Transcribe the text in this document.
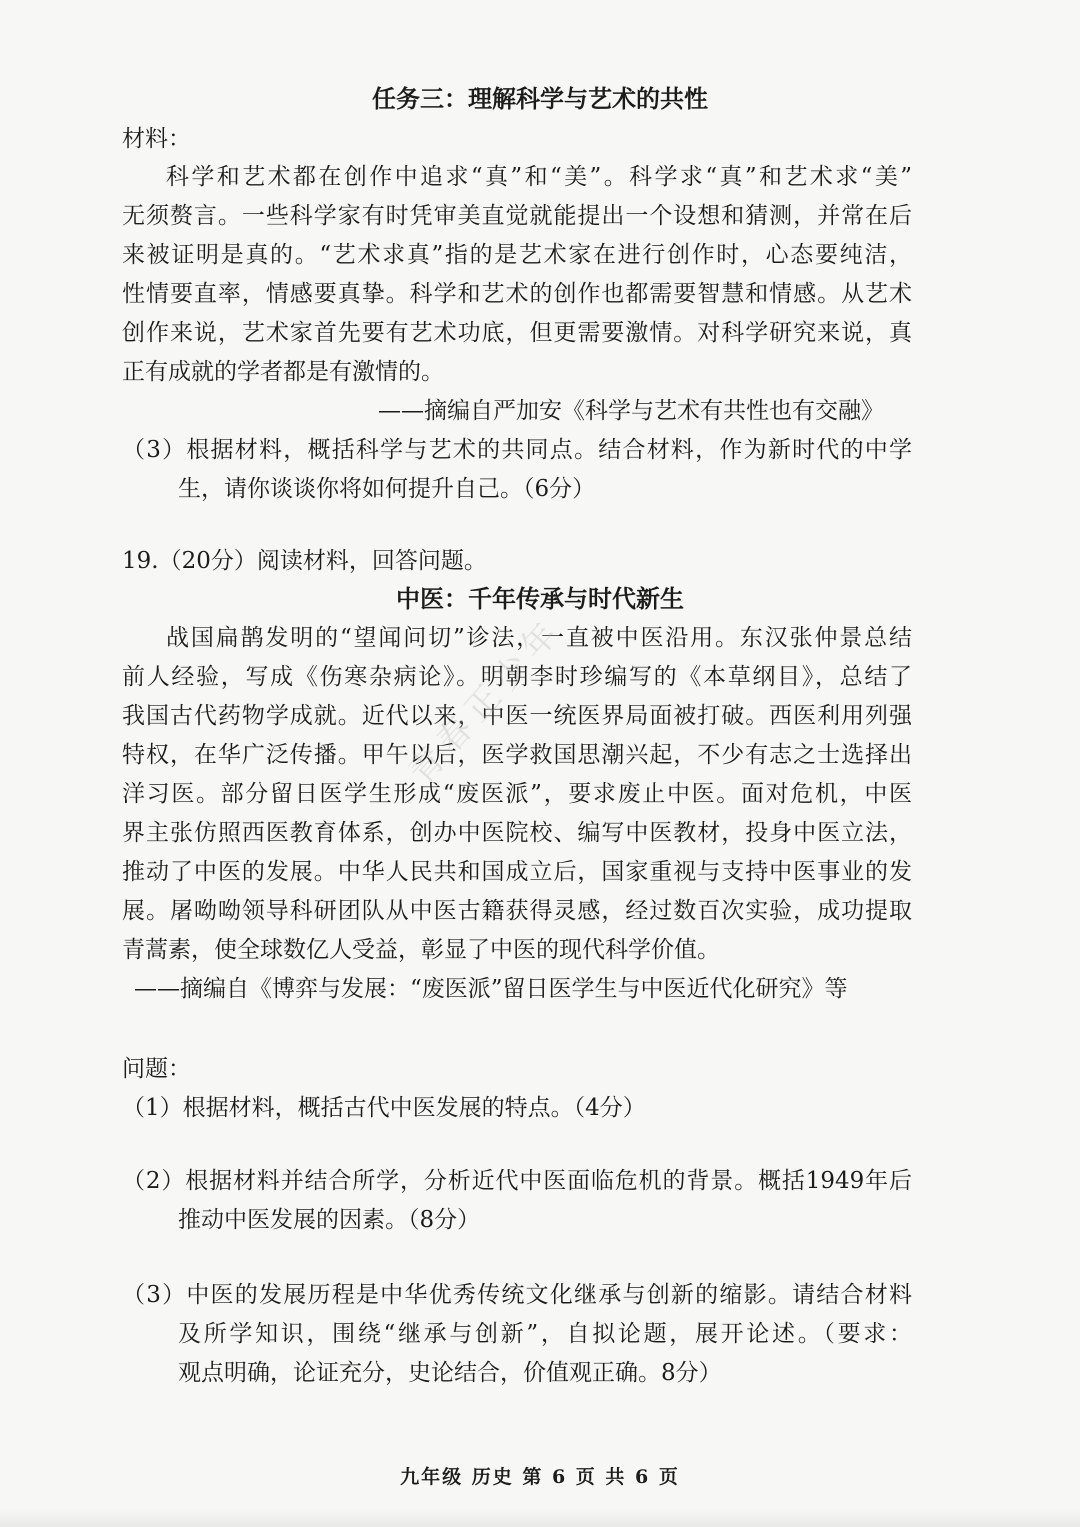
任务三：理解科学与艺术的共性
材料：
科学和艺术都在创作中追求“真”和“美”。科学求“真”和艺术求“美”
无须赘言。一些科学家有时凭审美直觉就能提出一个设想和猜测，并常在后
来被证明是真的。“艺术求真”指的是艺术家在进行创作时，心态要纯洁，
性情要直率，情感要真挚。科学和艺术的创作也都需要智慧和情感。从艺术
创作来说，艺术家首先要有艺术功底，但更需要激情。对科学研究来说，真
正有成就的学者都是有激情的。
——摘编自严加安《科学与艺术有共性也有交融》
（3）根据材料，概括科学与艺术的共同点。结合材料，作为新时代的中学
生，请你谈谈你将如何提升自己。（6分）
19.（20分）阅读材料，回答问题。
中医：千年传承与时代新生
战国扁鹊发明的“望闻问切”诊法，一直被中医沿用。东汉张仲景总结
前人经验，写成《伤寒杂病论》。明朝李时珍编写的《本草纲目》，总结了
我国古代药物学成就。近代以来，中医一统医界局面被打破。西医利用列强
特权，在华广泛传播。甲午以后，医学救国思潮兴起，不少有志之士选择出
洋习医。部分留日医学生形成“废医派”，要求废止中医。面对危机，中医
界主张仿照西医教育体系，创办中医院校、编写中医教材，投身中医立法，
推动了中医的发展。中华人民共和国成立后，国家重视与支持中医事业的发
展。屠呦呦领导科研团队从中医古籍获得灵感，经过数百次实验，成功提取
青蒿素，使全球数亿人受益，彰显了中医的现代科学价值。
——摘编自《博弈与发展：“废医派”留日医学生与中医近代化研究》等
问题：
（1）根据材料，概括古代中医发展的特点。（4分）
（2）根据材料并结合所学，分析近代中医面临危机的背景。概括1949年后
推动中医发展的因素。（8分）
（3）中医的发展历程是中华优秀传统文化继承与创新的缩影。请结合材料
及所学知识，围绕“继承与创新”，自拟论题，展开论述。（要求：
观点明确，论证充分，史论结合，价值观正确。8分）
九年级 历史 第 6 页 共 6 页
青春正少年
